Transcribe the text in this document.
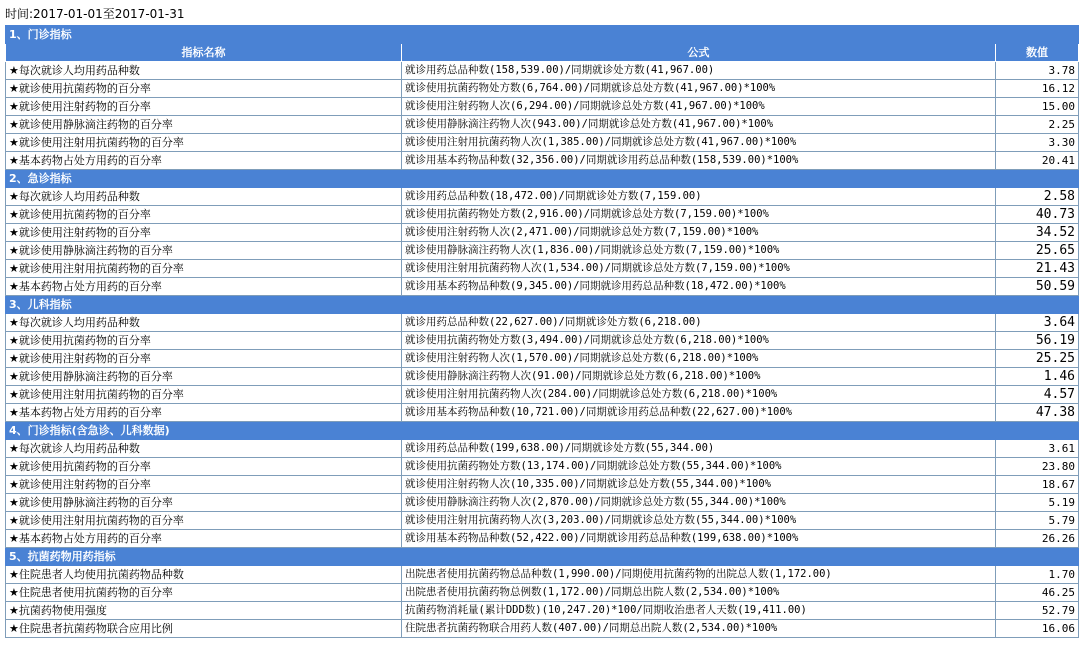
时间:2017-01-01至2017-01-31
1、门诊指标		
指标名称	公式	数值
★每次就诊人均用药品种数	就诊用药总品种数(158,539.00)/同期就诊处方数(41,967.00)	3.78
★就诊使用抗菌药物的百分率	就诊使用抗菌药物处方数(6,764.00)/同期就诊总处方数(41,967.00)*100%	16.12
★就诊使用注射药物的百分率	就诊使用注射药物人次(6,294.00)/同期就诊总处方数(41,967.00)*100%	15.00
★就诊使用静脉滴注药物的百分率	就诊使用静脉滴注药物人次(943.00)/同期就诊总处方数(41,967.00)*100%	2.25
★就诊使用注射用抗菌药物的百分率	就诊使用注射用抗菌药物人次(1,385.00)/同期就诊总处方数(41,967.00)*100%	3.30
★基本药物占处方用药的百分率	就诊用基本药物品种数(32,356.00)/同期就诊用药总品种数(158,539.00)*100%	20.41
2、急诊指标		
★每次就诊人均用药品种数	就诊用药总品种数(18,472.00)/同期就诊处方数(7,159.00)	2.58
★就诊使用抗菌药物的百分率	就诊使用抗菌药物处方数(2,916.00)/同期就诊总处方数(7,159.00)*100%	40.73
★就诊使用注射药物的百分率	就诊使用注射药物人次(2,471.00)/同期就诊总处方数(7,159.00)*100%	34.52
★就诊使用静脉滴注药物的百分率	就诊使用静脉滴注药物人次(1,836.00)/同期就诊总处方数(7,159.00)*100%	25.65
★就诊使用注射用抗菌药物的百分率	就诊使用注射用抗菌药物人次(1,534.00)/同期就诊总处方数(7,159.00)*100%	21.43
★基本药物占处方用药的百分率	就诊用基本药物品种数(9,345.00)/同期就诊用药总品种数(18,472.00)*100%	50.59
3、儿科指标		
★每次就诊人均用药品种数	就诊用药总品种数(22,627.00)/同期就诊处方数(6,218.00)	3.64
★就诊使用抗菌药物的百分率	就诊使用抗菌药物处方数(3,494.00)/同期就诊总处方数(6,218.00)*100%	56.19
★就诊使用注射药物的百分率	就诊使用注射药物人次(1,570.00)/同期就诊总处方数(6,218.00)*100%	25.25
★就诊使用静脉滴注药物的百分率	就诊使用静脉滴注药物人次(91.00)/同期就诊总处方数(6,218.00)*100%	1.46
★就诊使用注射用抗菌药物的百分率	就诊使用注射用抗菌药物人次(284.00)/同期就诊总处方数(6,218.00)*100%	4.57
★基本药物占处方用药的百分率	就诊用基本药物品种数(10,721.00)/同期就诊用药总品种数(22,627.00)*100%	47.38
4、门诊指标(含急诊、儿科数据)		
★每次就诊人均用药品种数	就诊用药总品种数(199,638.00)/同期就诊处方数(55,344.00)	3.61
★就诊使用抗菌药物的百分率	就诊使用抗菌药物处方数(13,174.00)/同期就诊总处方数(55,344.00)*100%	23.80
★就诊使用注射药物的百分率	就诊使用注射药物人次(10,335.00)/同期就诊总处方数(55,344.00)*100%	18.67
★就诊使用静脉滴注药物的百分率	就诊使用静脉滴注药物人次(2,870.00)/同期就诊总处方数(55,344.00)*100%	5.19
★就诊使用注射用抗菌药物的百分率	就诊使用注射用抗菌药物人次(3,203.00)/同期就诊总处方数(55,344.00)*100%	5.79
★基本药物占处方用药的百分率	就诊用基本药物品种数(52,422.00)/同期就诊用药总品种数(199,638.00)*100%	26.26
5、抗菌药物用药指标		
★住院患者人均使用抗菌药物品种数	出院患者使用抗菌药物总品种数(1,990.00)/同期使用抗菌药物的出院总人数(1,172.00)	1.70
★住院患者使用抗菌药物的百分率	出院患者使用抗菌药物总例数(1,172.00)/同期总出院人数(2,534.00)*100%	46.25
★抗菌药物使用强度	抗菌药物消耗量(累计DDD数)(10,247.20)*100/同期收治患者人天数(19,411.00)	52.79
★住院患者抗菌药物联合应用比例	住院患者抗菌药物联合用药人数(407.00)/同期总出院人数(2,534.00)*100%	16.06
